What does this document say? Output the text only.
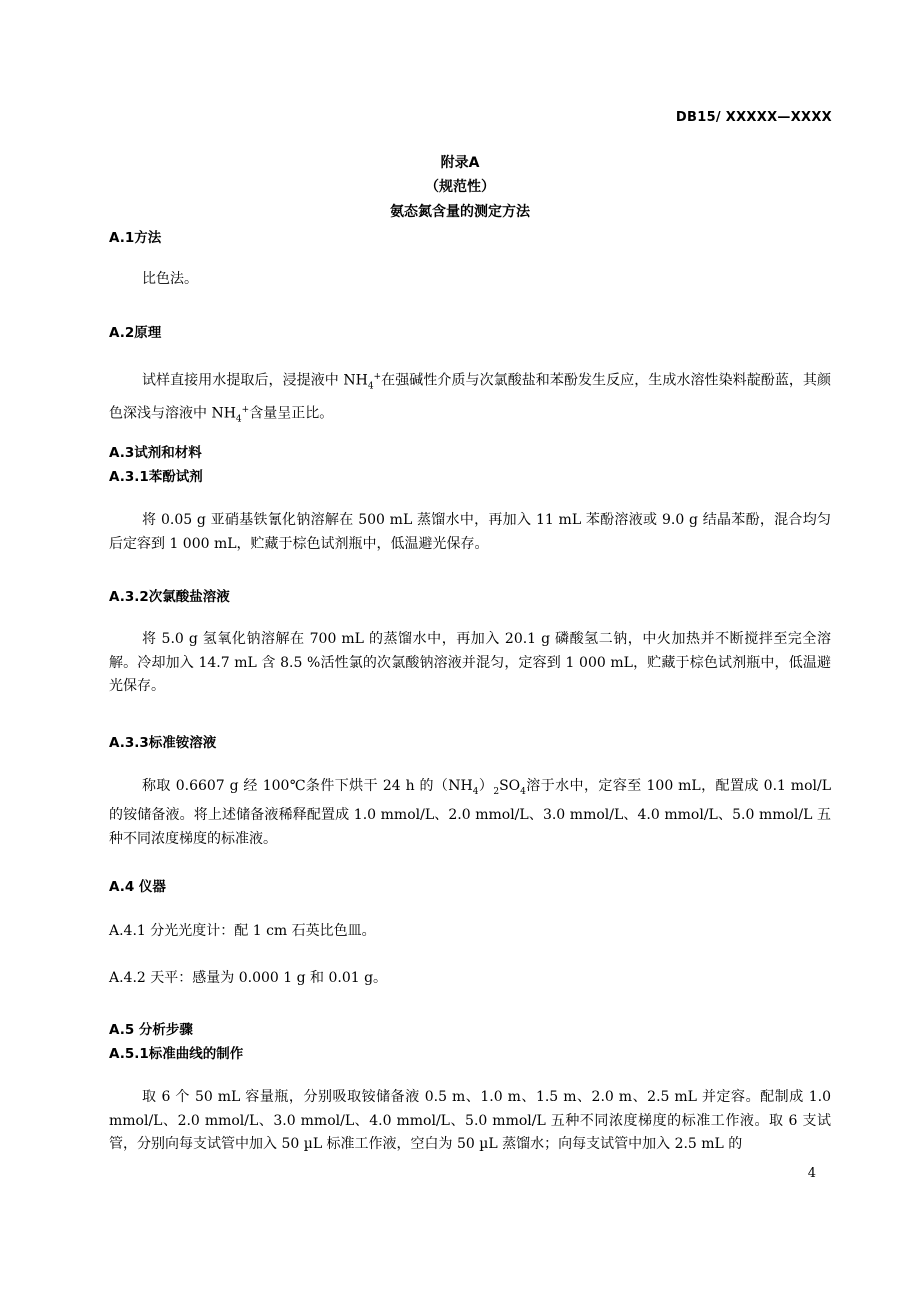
DB15/ XXXXX—XXXX
附录A
（规范性）
氨态氮含量的测定方法
A.1方法
比色法。
A.2原理
试样直接用水提取后，浸提液中 $NH_4^+$在强碱性介质与次氯酸盐和苯酚发生反应，生成水溶性染料靛酚蓝，其颜色深浅与溶液中 $NH_4^+$含量呈正比。
A.3试剂和材料
A.3.1苯酚试剂
将 0.05 g 亚硝基铁氰化钠溶解在 500 mL 蒸馏水中，再加入 11 mL 苯酚溶液或 9.0 g 结晶苯酚，混合均匀后定容到 1 000 mL，贮藏于棕色试剂瓶中，低温避光保存。
A.3.2次氯酸盐溶液
将 5.0 g 氢氧化钠溶解在 700 mL 的蒸馏水中，再加入 20.1 g 磷酸氢二钠，中火加热并不断搅拌至完全溶解。冷却加入 14.7 mL 含 8.5 %活性氯的次氯酸钠溶液并混匀，定容到 1 000 mL，贮藏于棕色试剂瓶中，低温避光保存。
A.3.3标准铵溶液
称取 0.6607 g 经 100℃条件下烘干 24 h 的$(NH_4)_2SO_4$溶于水中，定容至 100 mL，配置成 0.1 mol/L 的铵储备液。将上述储备液稀释配置成 1.0 mmol/L、2.0 mmol/L、3.0 mmol/L、4.0 mmol/L、5.0 mmol/L 五种不同浓度梯度的标准液。
A.4 仪器
A.4.1 分光光度计：配 1 cm 石英比色皿。
A.4.2 天平：感量为 0.000 1 g 和 0.01 g。
A.5 分析步骤
A.5.1标准曲线的制作
取 6 个 50 mL 容量瓶，分别吸取铵储备液 0.5 m、1.0 m、1.5 m、2.0 m、2.5 mL 并定容。配制成 1.0 mmol/L、2.0 mmol/L、3.0 mmol/L、4.0 mmol/L、5.0 mmol/L 五种不同浓度梯度的标准工作液。取 6 支试管，分别向每支试管中加入 50 µL 标准工作液，空白为 50 µL 蒸馏水；向每支试管中加入 2.5 mL 的
4
